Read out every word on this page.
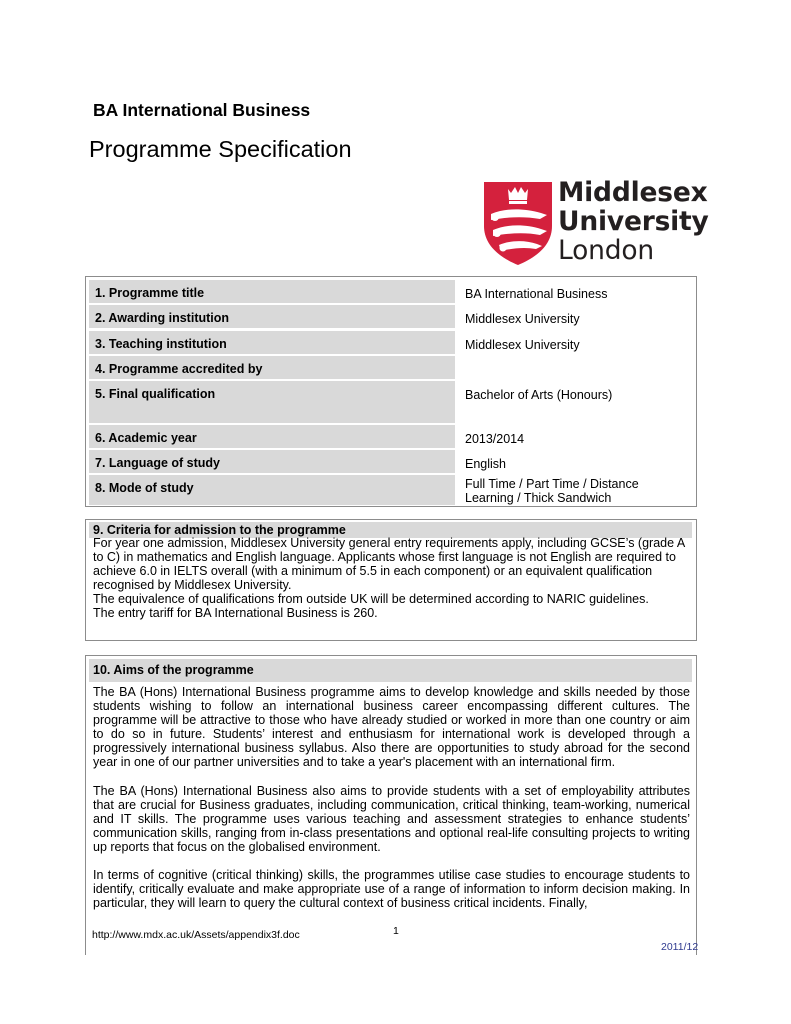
BA International Business
Programme Specification
Middlesex
University
London
1. Programme title	BA International Business
2. Awarding institution	Middlesex University
3. Teaching institution	Middlesex University
4. Programme accredited by
5. Final qualification	Bachelor of Arts (Honours)
6. Academic year	2013/2014
7. Language of study	English
8. Mode of study	Full Time / Part Time / Distance Learning / Thick Sandwich
9. Criteria for admission to the programme

For year one admission, Middlesex University general entry requirements apply, including GCSE’s (grade A to C) in mathematics and English language. Applicants whose first language is not English are required to achieve 6.0 in IELTS overall (with a minimum of 5.5 in each component) or an equivalent qualification recognised by Middlesex University.

The equivalence of qualifications from outside UK will be determined according to NARIC guidelines.

The entry tariff for BA International Business is 260.

10. Aims of the programme

The BA (Hons) International Business programme aims to develop knowledge and skills needed by those students wishing to follow an international business career encompassing different cultures. The programme will be attractive to those who have already studied or worked in more than one country or aim to do so in future. Students’ interest and enthusiasm for international work is developed through a progressively international business syllabus. Also there are opportunities to study abroad for the second year in one of our partner universities and to take a year's placement with an international firm.

The BA (Hons) International Business also aims to provide students with a set of employability attributes that are crucial for Business graduates, including communication, critical thinking, team-working, numerical and IT skills. The programme uses various teaching and assessment strategies to enhance students’ communication skills, ranging from in-class presentations and optional real-life consulting projects to writing up reports that focus on the globalised environment.

In terms of cognitive (critical thinking) skills, the programmes utilise case studies to encourage students to identify, critically evaluate and make appropriate use of a range of information to inform decision making. In particular, they will learn to query the cultural context of business critical incidents. Finally,

http://www.mdx.ac.uk/Assets/appendix3f.doc	1
2011/12
